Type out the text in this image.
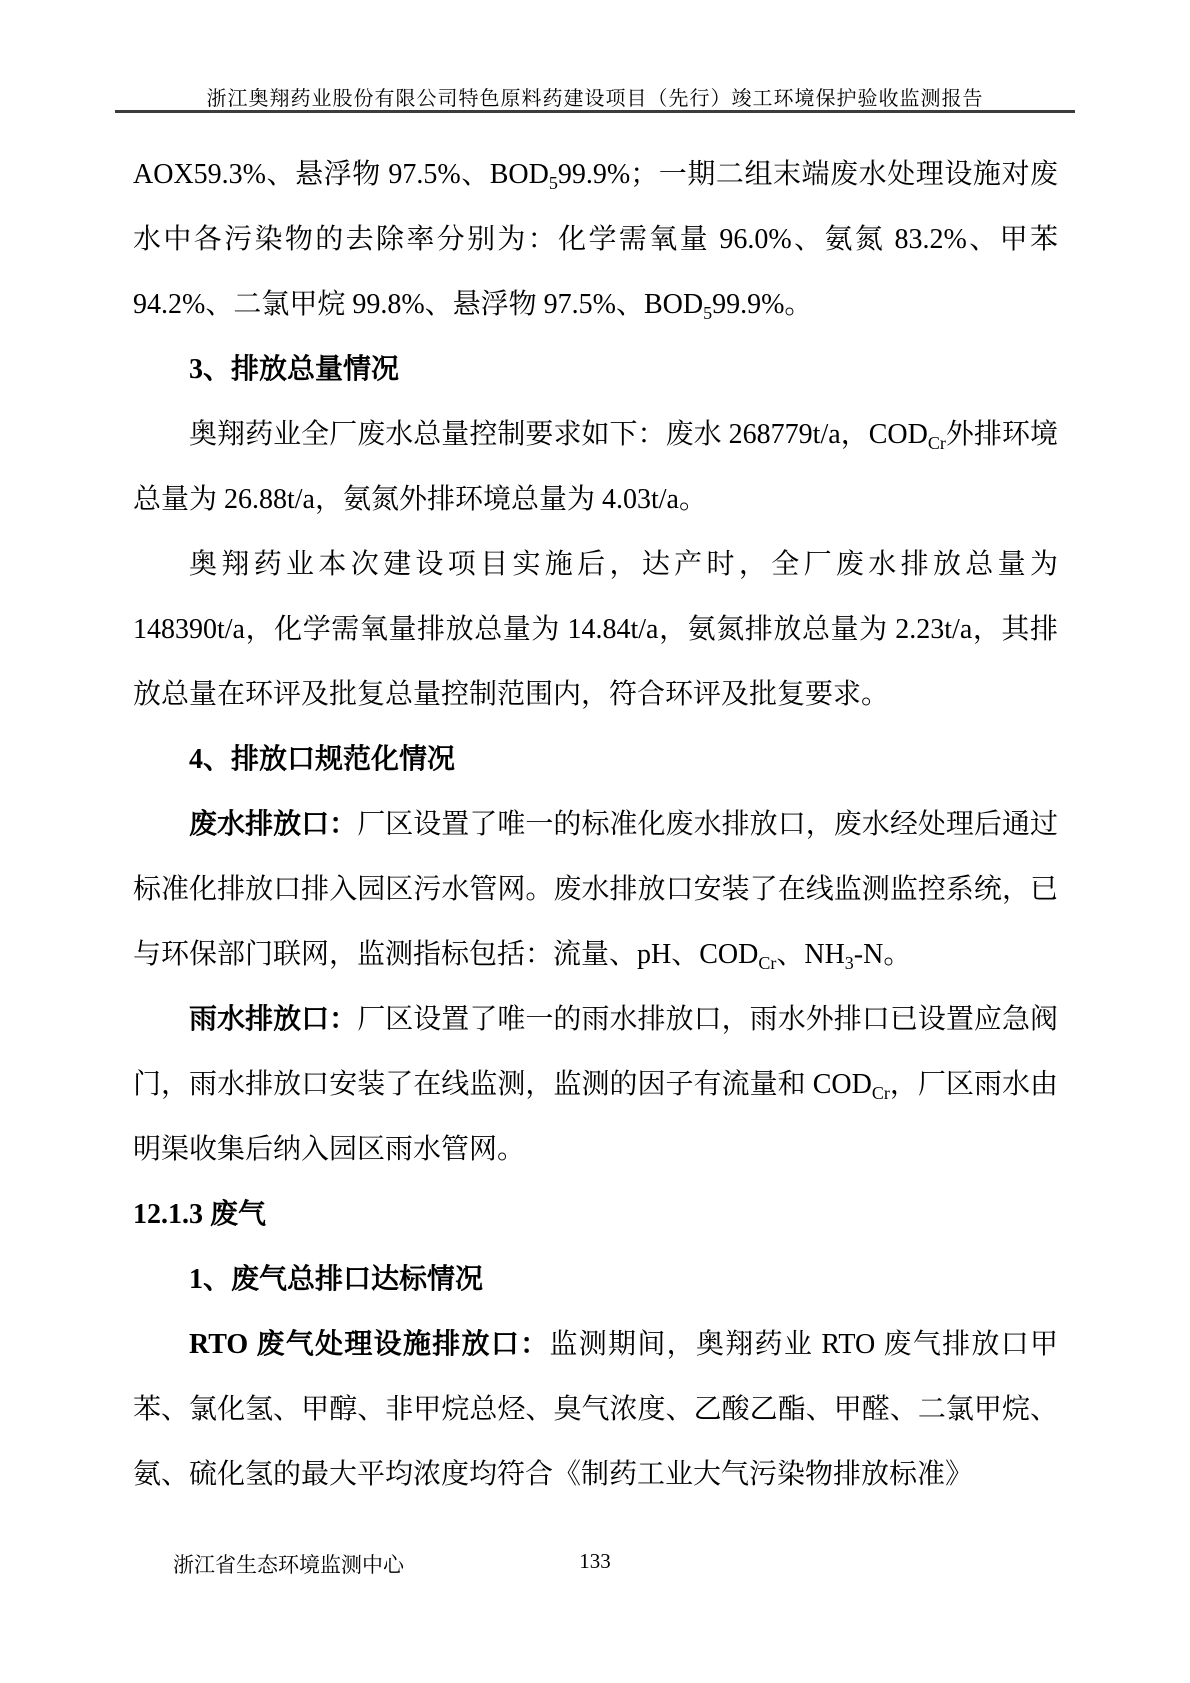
浙江奥翔药业股份有限公司特色原料药建设项目（先行）竣工环境保护验收监测报告

AOX59.3%、悬浮物 97.5%、$BOD_599.9\%$；一期二组末端废水处理设施对废水中各污染物的去除率分别为：化学需氧量 96.0%、氨氮 83.2%、甲苯 94.2%、二氯甲烷 99.8%、悬浮物 97.5%、$BOD_599.9\%$。

3、排放总量情况

奥翔药业全厂废水总量控制要求如下：废水 268779t/a，$COD_{Cr}$外排环境总量为 26.88t/a，氨氮外排环境总量为 4.03t/a。

奥翔药业本次建设项目实施后，达产时，全厂废水排放总量为 148390t/a，化学需氧量排放总量为 14.84t/a，氨氮排放总量为 2.23t/a，其排放总量在环评及批复总量控制范围内，符合环评及批复要求。

4、排放口规范化情况

废水排放口：厂区设置了唯一的标准化废水排放口，废水经处理后通过标准化排放口排入园区污水管网。废水排放口安装了在线监测监控系统，已与环保部门联网，监测指标包括：流量、pH、$COD_{Cr}$、$NH_3-N$。

雨水排放口：厂区设置了唯一的雨水排放口，雨水外排口已设置应急阀门，雨水排放口安装了在线监测，监测的因子有流量和 $COD_{Cr}$，厂区雨水由明渠收集后纳入园区雨水管网。

12.1.3 废气

1、废气总排口达标情况

RTO 废气处理设施排放口：监测期间，奥翔药业 RTO 废气排放口甲苯、氯化氢、甲醇、非甲烷总烃、臭气浓度、乙酸乙酯、甲醛、二氯甲烷、氨、硫化氢的最大平均浓度均符合《制药工业大气污染物排放标准》

浙江省生态环境监测中心	133
